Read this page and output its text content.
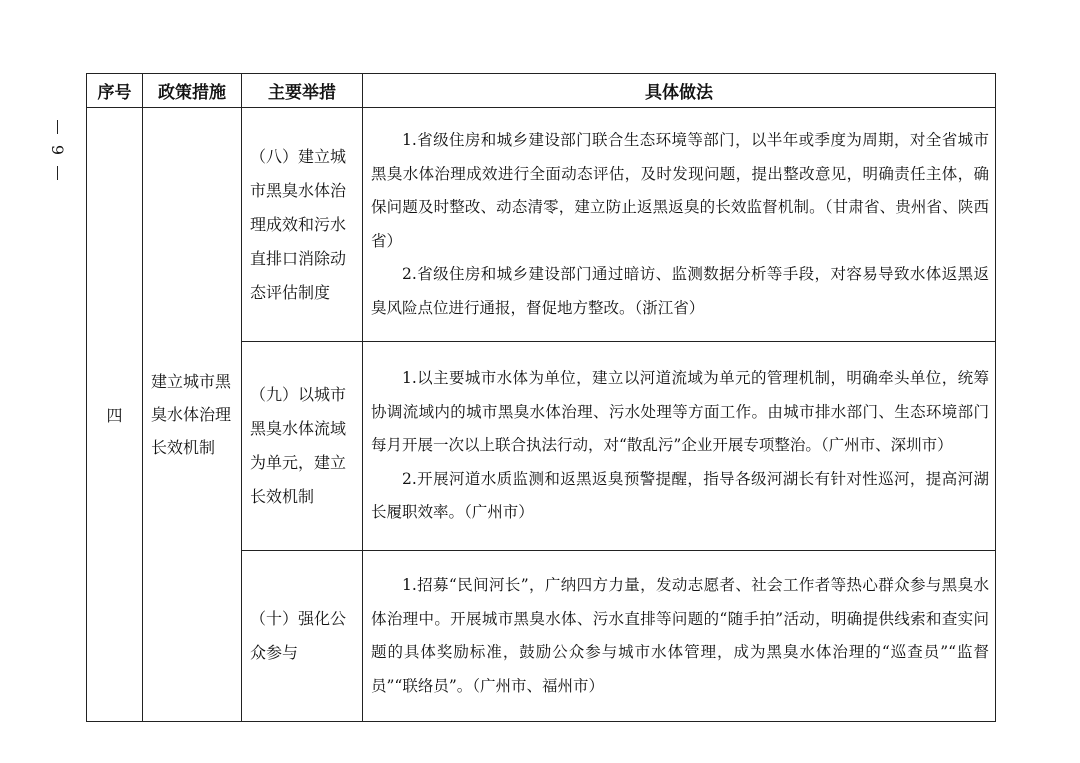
9
序号	政策措施	主要举措	具体做法
四	建立城市黑臭水体治理长效机制	（八）建立城市黑臭水体治理成效和污水直排口消除动态评估制度	1.省级住房和城乡建设部门联合生态环境等部门，以半年或季度为周期，对全省城市黑臭水体治理成效进行全面动态评估，及时发现问题，提出整改意见，明确责任主体，确保问题及时整改、动态清零，建立防止返黑返臭的长效监督机制。（甘肃省、贵州省、陕西省）

2.省级住房和城乡建设部门通过暗访、监测数据分析等手段，对容易导致水体返黑返臭风险点位进行通报，督促地方整改。（浙江省）

		（九）以城市黑臭水体流域为单元，建立长效机制	1.以主要城市水体为单位，建立以河道流域为单元的管理机制，明确牵头单位，统筹协调流域内的城市黑臭水体治理、污水处理等方面工作。由城市排水部门、生态环境部门每月开展一次以上联合执法行动，对“散乱污”企业开展专项整治。（广州市、深圳市）

2.开展河道水质监测和返黑返臭预警提醒，指导各级河湖长有针对性巡河，提高河湖长履职效率。（广州市）

		（十）强化公众参与	1.招募“民间河长”，广纳四方力量，发动志愿者、社会工作者等热心群众参与黑臭水体治理中。开展城市黑臭水体、污水直排等问题的“随手拍”活动，明确提供线索和查实问题的具体奖励标准，鼓励公众参与城市水体管理，成为黑臭水体治理的“巡查员”“监督员”“联络员”。（广州市、福州市）
